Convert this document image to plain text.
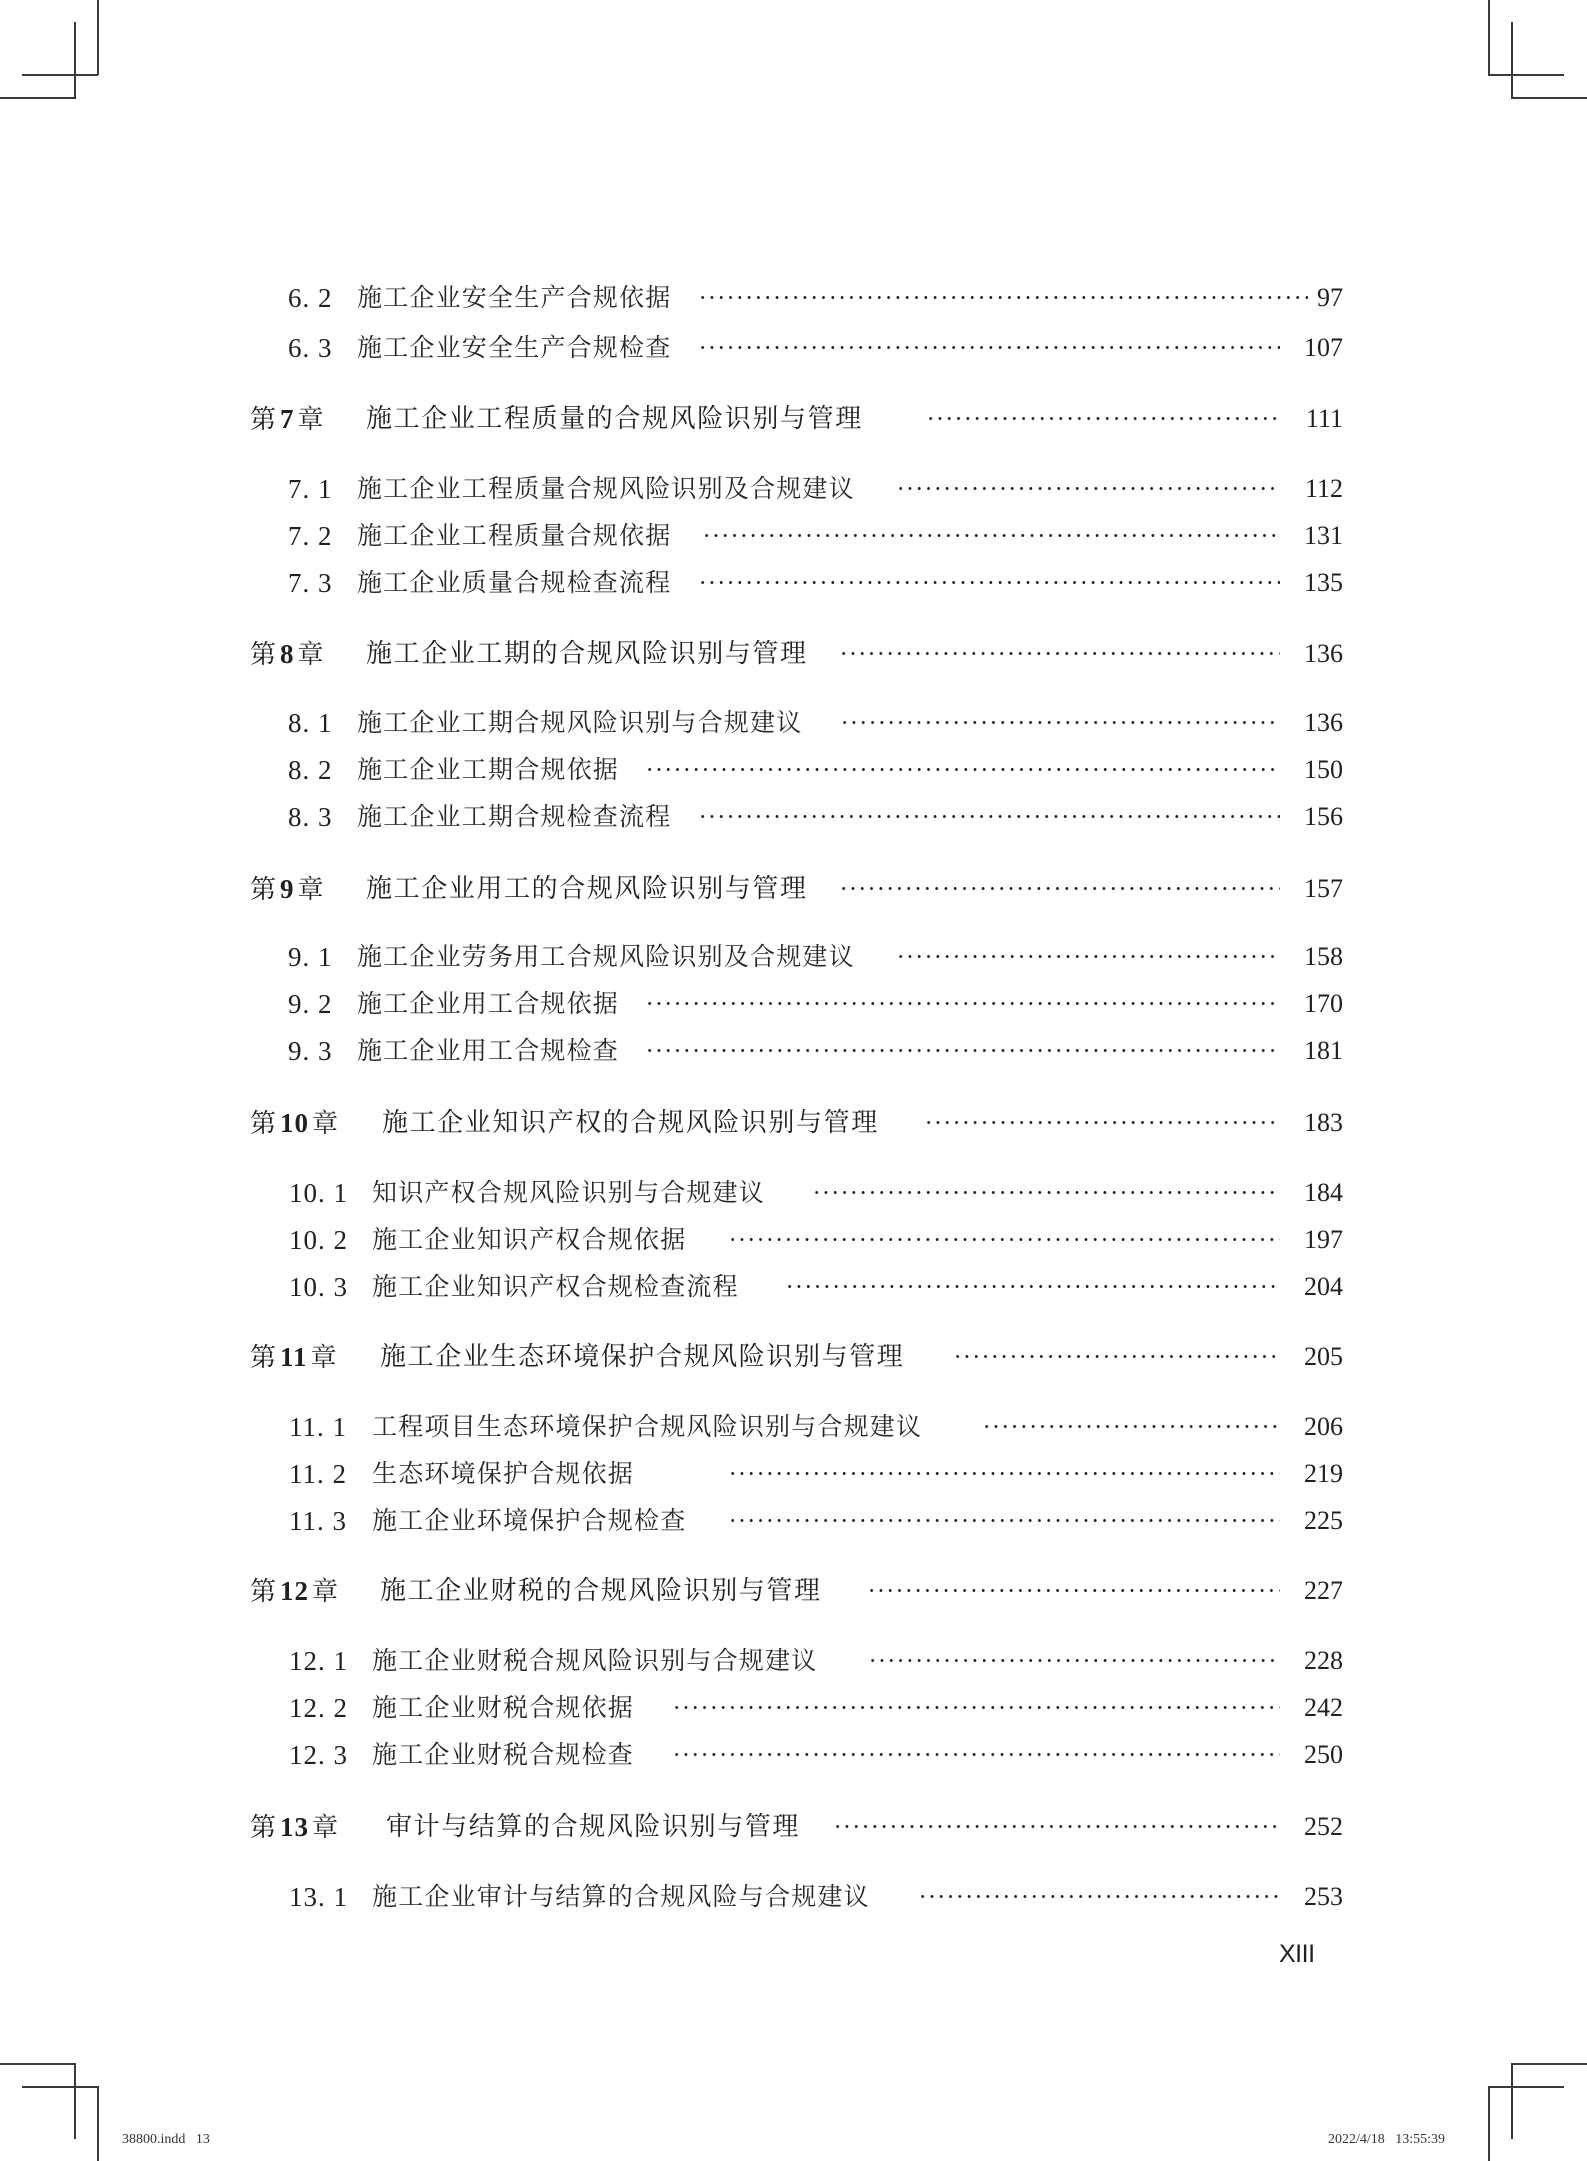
6. 2 施工企业安全生产合规依据	97
6. 3 施工企业安全生产合规检查	107
第 7 章 施工企业工程质量的合规风险识别与管理	111
7. 1 施工企业工程质量合规风险识别及合规建议	112
7. 2 施工企业工程质量合规依据	131
7. 3 施工企业质量合规检查流程	135
第 8 章 施工企业工期的合规风险识别与管理	136
8. 1 施工企业工期合规风险识别与合规建议	136
8. 2 施工企业工期合规依据	150
8. 3 施工企业工期合规检查流程	156
第 9 章 施工企业用工的合规风险识别与管理	157
9. 1 施工企业劳务用工合规风险识别及合规建议	158
9. 2 施工企业用工合规依据	170
9. 3 施工企业用工合规检查	181
第 10 章 施工企业知识产权的合规风险识别与管理	183
10. 1 知识产权合规风险识别与合规建议	184
10. 2 施工企业知识产权合规依据	197
10. 3 施工企业知识产权合规检查流程	204
第 11 章 施工企业生态环境保护合规风险识别与管理	205
11. 1 工程项目生态环境保护合规风险识别与合规建议	206
11. 2 生态环境保护合规依据	219
11. 3 施工企业环境保护合规检查	225
第 12 章 施工企业财税的合规风险识别与管理	227
12. 1 施工企业财税合规风险识别与合规建议	228
12. 2 施工企业财税合规依据	242
12. 3 施工企业财税合规检查	250
第 13 章 审计与结算的合规风险识别与管理	252
13. 1 施工企业审计与结算的合规风险与合规建议	253
XIII
38800.indd   13	2022/4/18   13:55:39
